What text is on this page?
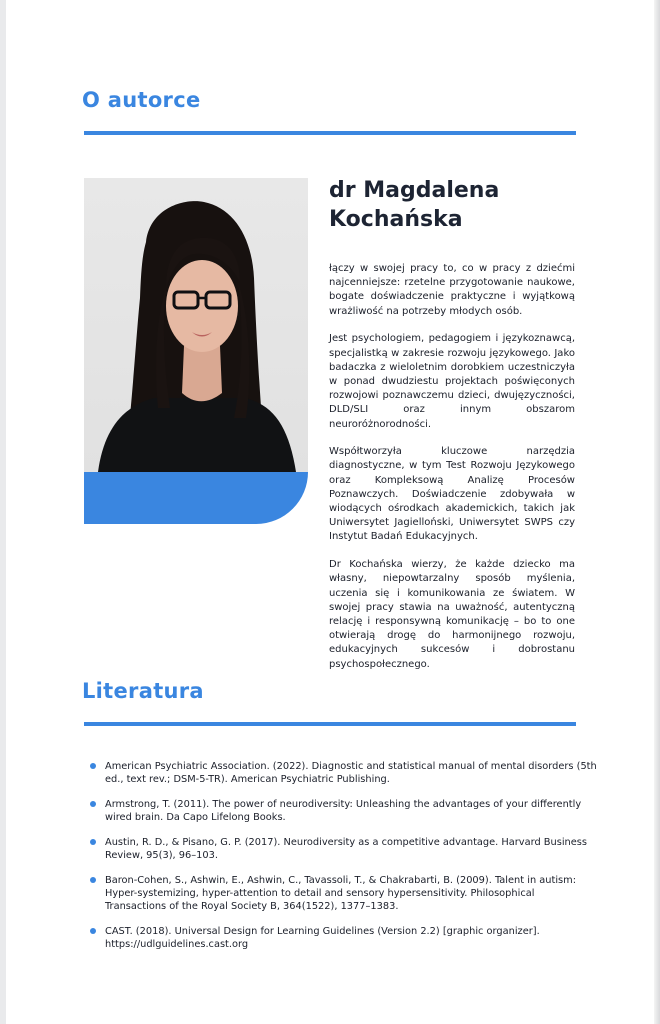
O autorce
dr Magdalena
Kochańska

łączy w swojej pracy to, co w pracy z dziećmi najcenniejsze: rzetelne przygotowanie naukowe, bogate doświadczenie praktyczne i wyjątkową wrażliwość na potrzeby młodych osób.

Jest psychologiem, pedagogiem i językoznawcą, specjalistką w zakresie rozwoju językowego. Jako badaczka z wieloletnim dorobkiem uczestniczyła w ponad dwudziestu projektach poświęconych rozwojowi poznawczemu dzieci, dwujęzyczności, DLD/SLI oraz innym obszarom neuroróżnorodności.

Współtworzyła kluczowe narzędzia diagnostyczne, w tym Test Rozwoju Językowego oraz Kompleksową Analizę Procesów Poznawczych. Doświadczenie zdobywała w wiodących ośrodkach akademickich, takich jak Uniwersytet Jagielloński, Uniwersytet SWPS czy Instytut Badań Edukacyjnych.

Dr Kochańska wierzy, że każde dziecko ma własny, niepowtarzalny sposób myślenia, uczenia się i komunikowania ze światem. W swojej pracy stawia na uważność, autentyczną relację i responsywną komunikację – bo to one otwierają drogę do harmonijnego rozwoju, edukacyjnych sukcesów i dobrostanu psychospołecznego.

Literatura
American Psychiatric Association. (2022). Diagnostic and statistical manual of mental disorders (5th ed., text rev.; DSM-5-TR). American Psychiatric Publishing.
Armstrong, T. (2011). The power of neurodiversity: Unleashing the advantages of your differently wired brain. Da Capo Lifelong Books.
Austin, R. D., & Pisano, G. P. (2017). Neurodiversity as a competitive advantage. Harvard Business Review, 95(3), 96–103.
Baron-Cohen, S., Ashwin, E., Ashwin, C., Tavassoli, T., & Chakrabarti, B. (2009). Talent in autism: Hyper-systemizing, hyper-attention to detail and sensory hypersensitivity. Philosophical Transactions of the Royal Society B, 364(1522), 1377–1383.
CAST. (2018). Universal Design for Learning Guidelines (Version 2.2) [graphic organizer]. https://udlguidelines.cast.org
